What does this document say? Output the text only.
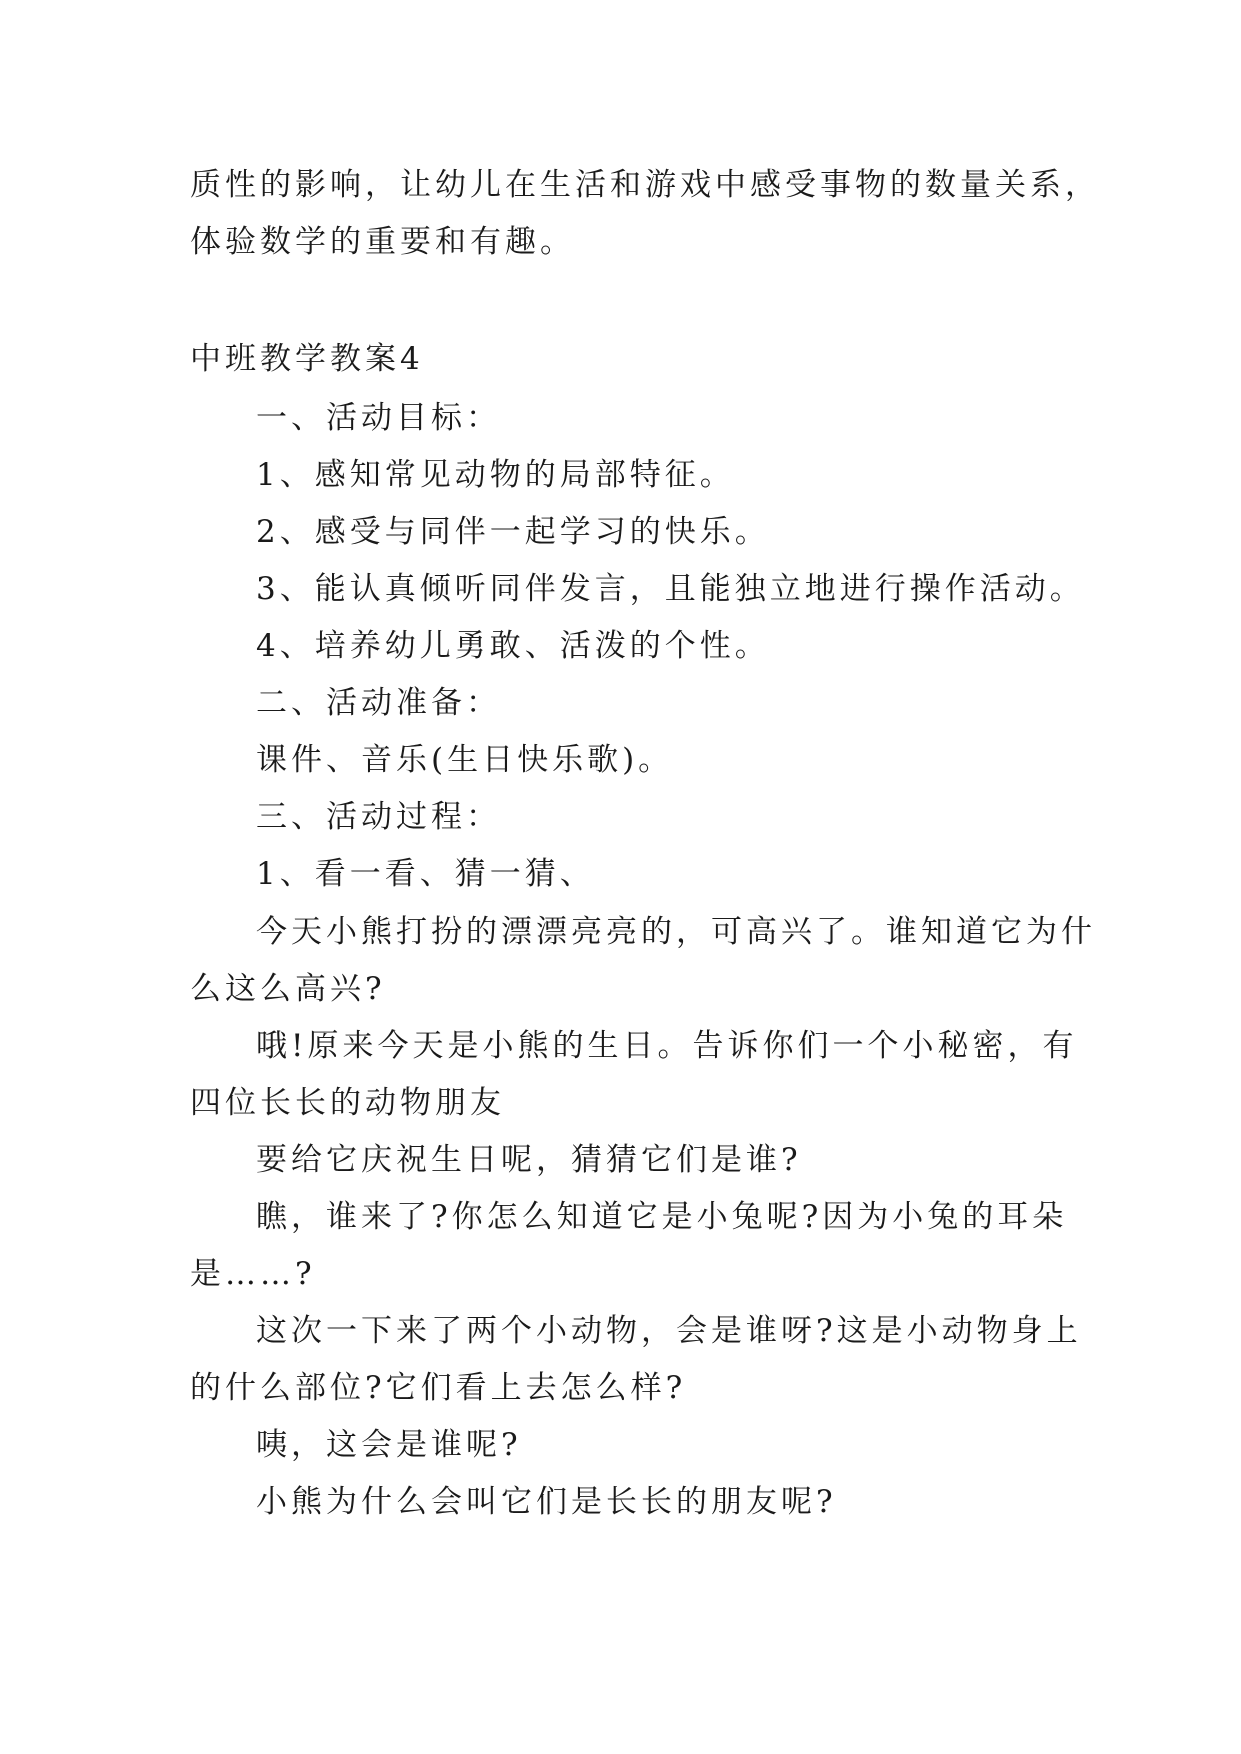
质性的影响，让幼儿在生活和游戏中感受事物的数量关系，
体验数学的重要和有趣。
中班教学教案4
一、活动目标：
1、感知常见动物的局部特征。
2、感受与同伴一起学习的快乐。
3、能认真倾听同伴发言，且能独立地进行操作活动。
4、培养幼儿勇敢、活泼的个性。
二、活动准备：
课件、音乐(生日快乐歌)。
三、活动过程：
1、看一看、猜一猜、
今天小熊打扮的漂漂亮亮的，可高兴了。谁知道它为什
么这么高兴?
哦!原来今天是小熊的生日。告诉你们一个小秘密，有
四位长长的动物朋友
要给它庆祝生日呢，猜猜它们是谁?
瞧，谁来了?你怎么知道它是小兔呢?因为小兔的耳朵
是……?
这次一下来了两个小动物，会是谁呀?这是小动物身上
的什么部位?它们看上去怎么样?
咦，这会是谁呢?
小熊为什么会叫它们是长长的朋友呢?
